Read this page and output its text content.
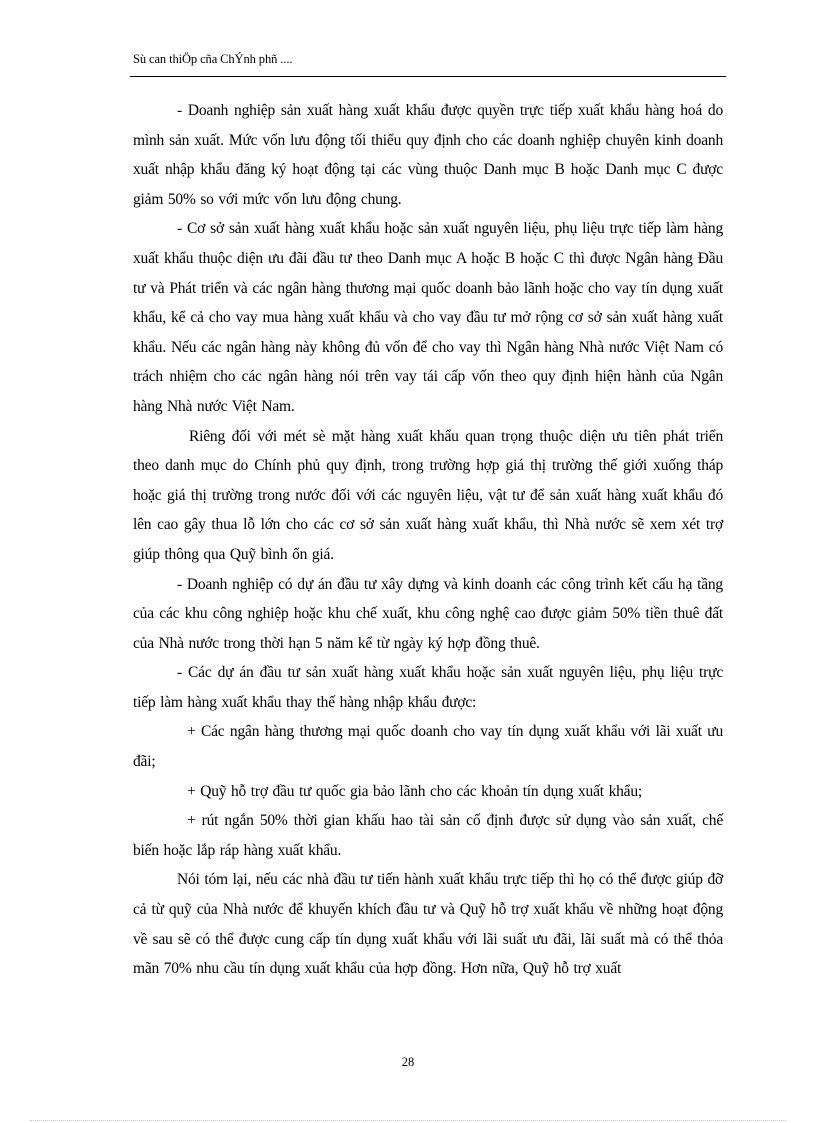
Sù can thiÖp cña ChÝnh phñ ....

- Doanh nghiệp sản xuất hàng xuất khẩu được quyền trực tiếp xuất khẩu hàng hoá do mình sản xuất. Mức vốn lưu động tối thiểu quy định cho các doanh nghiệp chuyên kinh doanh xuất nhập khẩu đăng ký hoạt động tại các vùng thuộc Danh mục B hoặc Danh mục C được giảm 50% so với mức vốn lưu động chung.

- Cơ sở sản xuất hàng xuất khẩu hoặc sản xuất nguyên liệu, phụ liệu trực tiếp làm hàng xuất khẩu thuộc diện ưu đãi đầu tư theo Danh mục A hoặc B hoặc C thì được Ngân hàng Đầu tư và Phát triển và các ngân hàng thương mại quốc doanh bảo lãnh hoặc cho vay tín dụng xuất khẩu, kể cả cho vay mua hàng xuất khẩu và cho vay đầu tư mở rộng cơ sở sản xuất hàng xuất khẩu. Nếu các ngân hàng này không đủ vốn để cho vay thì Ngân hàng Nhà nước Việt Nam có trách nhiệm cho các ngân hàng nói trên vay tái cấp vốn theo quy định hiện hành của Ngân hàng Nhà nước Việt Nam.

Riêng đối với mét sè mặt hàng xuất khẩu quan trọng thuộc diện ưu tiên phát triển theo danh mục do Chính phủ quy định, trong trường hợp giá thị trường thế giới xuống tháp hoặc giá thị trường trong nước đối với các nguyên liệu, vật tư để sản xuất hàng xuất khẩu đó lên cao gây thua lỗ lớn cho các cơ sở sản xuất hàng xuất khẩu, thì Nhà nước sẽ xem xét trợ giúp thông qua Quỹ bình ổn giá.

- Doanh nghiệp có dự án đầu tư xây dựng và kinh doanh các công trình kết cấu hạ tầng của các khu công nghiệp hoặc khu chế xuất, khu công nghệ cao được giảm 50% tiền thuê đất của Nhà nước trong thời hạn 5 năm kể từ ngày ký hợp đồng thuê.

- Các dự án đầu tư sản xuất hàng xuất khẩu hoặc sản xuất nguyên liệu, phụ liệu trực tiếp làm hàng xuất khẩu thay thế hàng nhập khẩu được:

+ Các ngân hàng thương mại quốc doanh cho vay tín dụng xuất khẩu với lãi xuất ưu đãi;

+ Quỹ hỗ trợ đầu tư quốc gia bảo lãnh cho các khoản tín dụng xuất khẩu;

+ rút ngắn 50% thời gian khấu hao tài sản cố định được sử dụng vào sản xuất, chế biến hoặc lắp ráp hàng xuất khẩu.

Nói tóm lại, nếu các nhà đầu tư tiến hành xuất khẩu trực tiếp thì họ có thể được giúp đỡ cả từ quỹ của Nhà nước để khuyến khích đầu tư và Quỹ hỗ trợ xuất khẩu về những hoạt động về sau sẽ có thể được cung cấp tín dụng xuất khẩu với lãi suất ưu đãi, lãi suất mà có thể thỏa mãn 70% nhu cầu tín dụng xuất khẩu của hợp đồng. Hơn nữa, Quỹ hỗ trợ xuất

28
